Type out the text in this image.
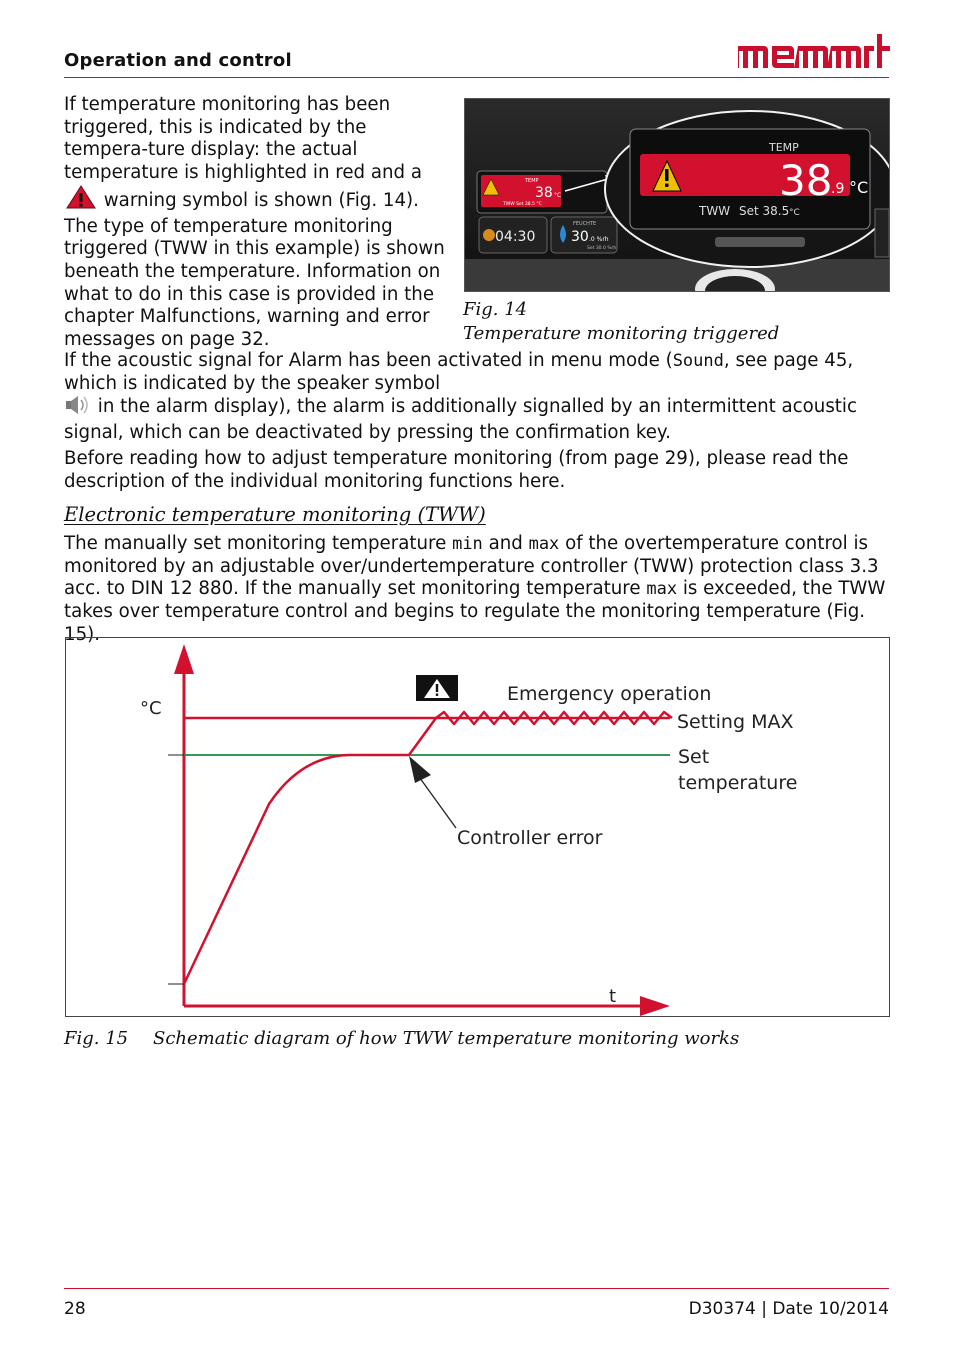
Operation and control

If temperature monitoring has been triggered, this is indicated by the tempera-ture display: the actual temperature is highlighted in red and a  warning symbol is shown (Fig. 14). The type of temperature monitoring triggered (TWW in this example) is shown beneath the temperature. Information on what to do in this case is provided in the chapter Malfunctions, warning and error messages on page 32.

TEMP
38 °C
TWW Set 38.5 °C
04:30
FEUCHTE
30 .0 %rh
Set 30.0 %rh
TEMP
38
.9 °C
TWW Set 38.5 °C
Fig. 14
Temperature monitoring triggered

If the acoustic signal for Alarm has been activated in menu mode (Sound, see page 45, which is indicated by the speaker symbol
in the alarm display), the alarm is additionally signalled by an intermittent acoustic signal, which can be deactivated by pressing the confirmation key.

Before reading how to adjust temperature monitoring (from page 29), please read the description of the individual monitoring functions here.

Electronic temperature monitoring (TWW)

The manually set monitoring temperature min and max of the overtemperature control is monitored by an adjustable over/undertemperature controller (TWW) protection class 3.3 acc. to DIN 12 880. If the manually set monitoring temperature max is exceeded, the TWW takes over temperature control and begins to regulate the monitoring temperature (Fig. 15).

°C
t
Emergency operation
Setting MAX
Set
temperature
Controller error
Fig. 15 Schematic diagram of how TWW temperature monitoring works
28	D30374 | Date 10/2014
